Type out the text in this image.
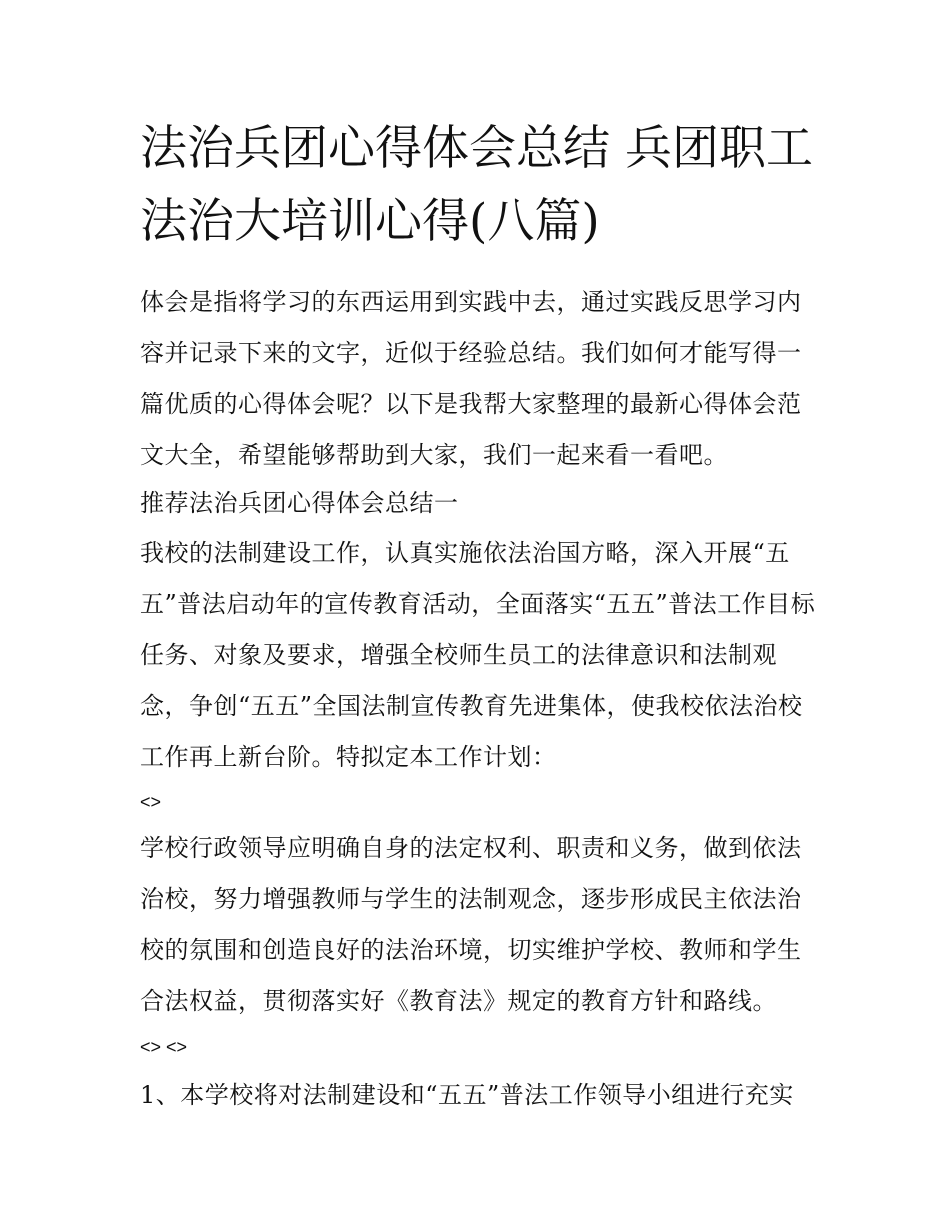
法治兵团心得体会总结 兵团职工法治大培训心得(八篇)

体会是指将学习的东西运用到实践中去，通过实践反思学习内容并记录下来的文字，近似于经验总结。我们如何才能写得一篇优质的心得体会呢？以下是我帮大家整理的最新心得体会范文大全，希望能够帮助到大家，我们一起来看一看吧。

推荐法治兵团心得体会总结一

我校的法制建设工作，认真实施依法治国方略，深入开展“五五”普法启动年的宣传教育活动，全面落实“五五”普法工作目标任务、对象及要求，增强全校师生员工的法律意识和法制观念，争创“五五”全国法制宣传教育先进集体，使我校依法治校工作再上新台阶。特拟定本工作计划：

<>

学校行政领导应明确自身的法定权利、职责和义务，做到依法治校，努力增强教师与学生的法制观念，逐步形成民主依法治校的氛围和创造良好的法治环境，切实维护学校、教师和学生合法权益，贯彻落实好《教育法》规定的教育方针和路线。

<> <>

1、本学校将对法制建设和“五五”普法工作领导小组进行充实
